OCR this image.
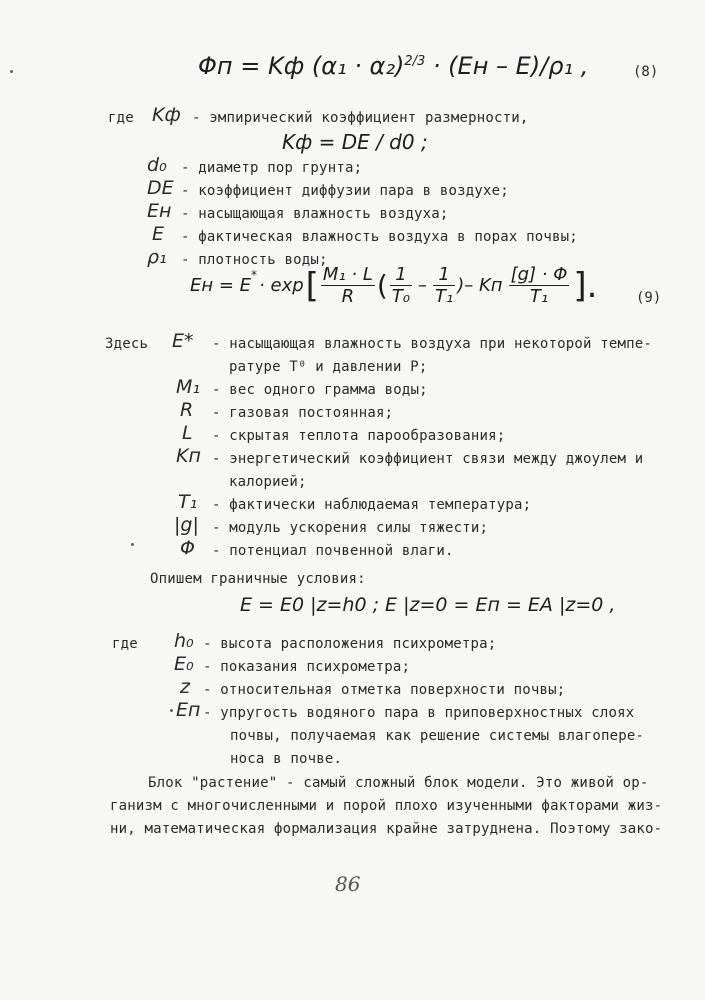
Φп = Kф $(\alpha_1 \cdot \alpha_2)^{2/3} \cdot (Eн - E)/\rho_1$ ,	(8)
где Kф - эмпирический коэффициент размерности,
Kф = DE / d0 ;
d₀ - диаметр пор грунта;
DE - коэффициент диффузии пара в воздухе;
Eн - насыщающая влажность воздуха;
E - фактическая влажность воздуха в порах почвы;
ρ₁ - плотность воды;
Eн = E* · exp [ $\frac{\text{M₁ · L}}{R}$ ( $\frac{1}{\text{T₀}} - \frac{1}{\text{T₁}}$ )– Kп $\frac{[g] \cdot \Phi}{\text{T₁}}$ ].	(9)
Здесь E* - насыщающая влажность воздуха при некоторой темпе-
ратуре T⁰ и давлении P;
M₁ - вес одного грамма воды;
R - газовая постоянная;
L - скрытая теплота парообразования;
Kп - энергетический коэффициент связи между джоулем и
калорией;
T₁ - фактически наблюдаемая температура;
|g| - модуль ускорения силы тяжести;
Φ - потенциал почвенной влаги.
Опишем граничные условия:
E = E0 |z=h0 ; E |z=0 = Eп = EA |z=0 ,
где h₀ - высота расположения психрометра;
E₀ - показания психрометра;
z - относительная отметка поверхности почвы;
Eп - упругость водяного пара в приповерхностных слоях
почвы, получаемая как решение системы влагопере-
носа в почве.
Блок "растение" - самый сложный блок модели. Это живой ор-
ганизм с многочисленными и порой плохо изученными факторами жиз-
ни, математическая формализация крайне затруднена. Поэтому зако-
86
